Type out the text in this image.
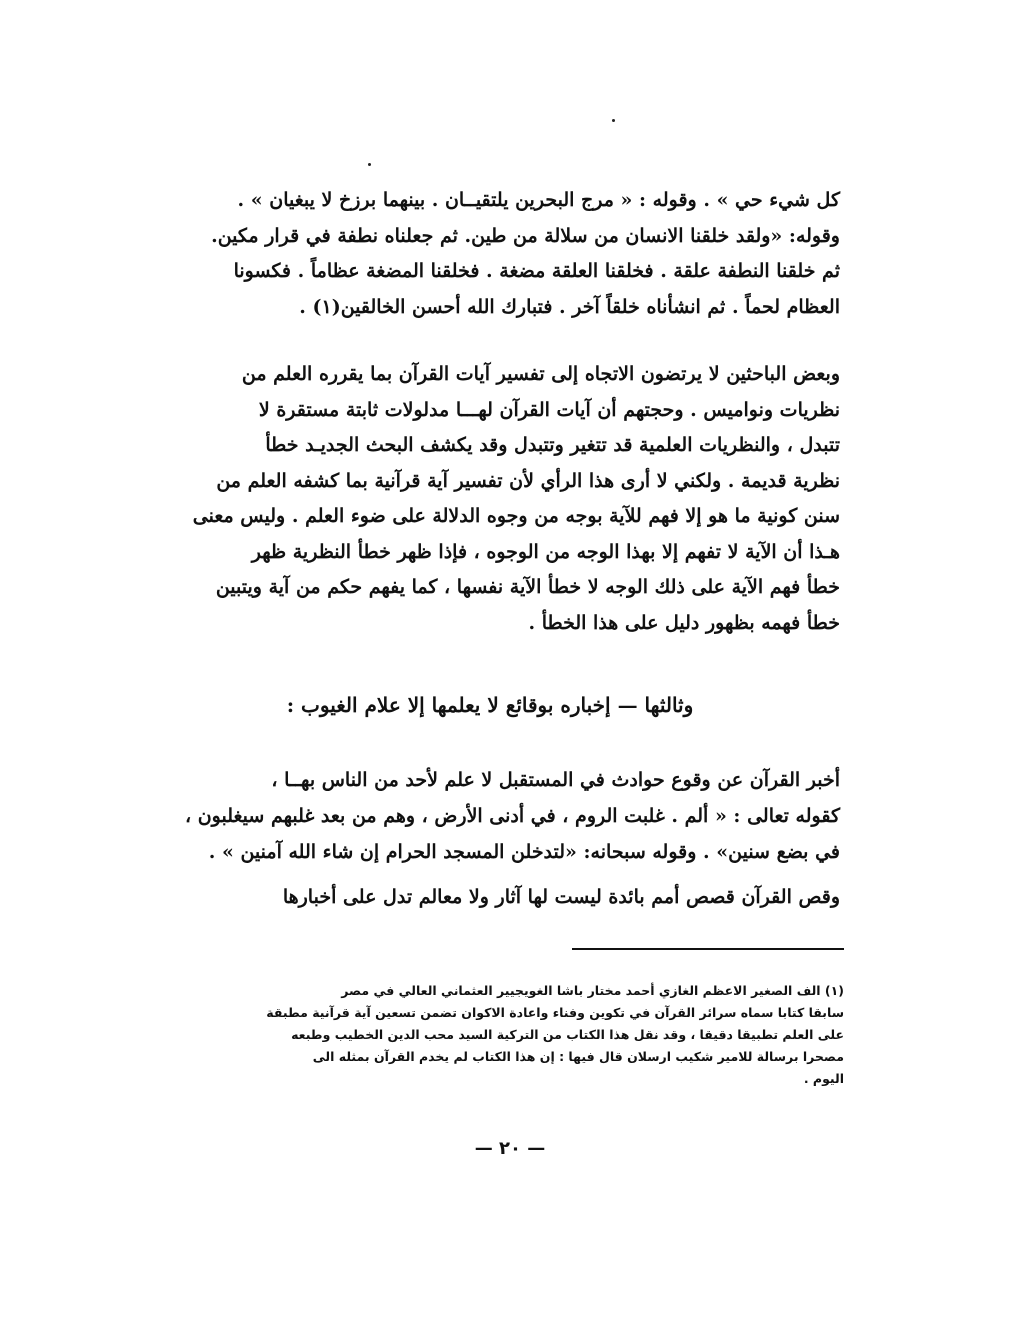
كل شيء حي » . وقوله : « مرج البحرين يلتقيــان . بينهما برزخ لا يبغيان » .

وقوله: «ولقد خلقنا الانسان من سلالة من طين. ثم جعلناه نطفة في قرار مكين.

ثم خلقنا النطفة علقة . فخلقنا العلقة مضغة . فخلقنا المضغة عظاماً . فكسونا

العظام لحماً . ثم انشأناه خلقاً آخر . فتبارك الله أحسن الخالقين(١) .

وبعض الباحثين لا يرتضون الاتجاه إلى تفسير آيات القرآن بما يقرره العلم من

نظريات ونواميس . وحجتهم أن آيات القرآن لهـــا مدلولات ثابتة مستقرة لا

تتبدل ، والنظريات العلمية قد تتغير وتتبدل وقد يكشف البحث الجديـد خطأ

نظرية قديمة . ولكني لا أرى هذا الرأي لأن تفسير آية قرآنية بما كشفه العلم من

سنن كونية ما هو إلا فهم للآية بوجه من وجوه الدلالة على ضوء العلم . وليس معنى

هـذا أن الآية لا تفهم إلا بهذا الوجه من الوجوه ، فإذا ظهر خطأ النظرية ظهر

خطأ فهم الآية على ذلك الوجه لا خطأ الآية نفسها ، كما يفهم حكم من آية ويتبين

خطأ فهمه بظهور دليل على هذا الخطأ .

وثالثها — إخباره بوقائع لا يعلمها إلا علام الغيوب :

أخبر القرآن عن وقوع حوادث في المستقبل لا علم لأحد من الناس بهــا ،

كقوله تعالى : « ألم . غلبت الروم ، في أدنى الأرض ، وهم من بعد غلبهم سيغلبون ،

في بضع سنين» . وقوله سبحانه: «لتدخلن المسجد الحرام إن شاء الله آمنين » .

وقص القرآن قصص أمم بائدة ليست لها آثار ولا معالم تدل على أخبارها

(١) الف الصغير الاعظم الغازي أحمد مختار باشا الغويجيير العثماني العالي في مصر

سابقا كتابا سماه سرائر القرآن في تكوين وفناء واعادة الاكوان تضمن تسعين آية قرآنية مطبقة

على العلم تطبيقا دقيقا ، وقد نقل هذا الكتاب من التركية السيد محب الدين الخطيب وطبعه

مصحرا برسالة للامير شكيب ارسلان قال فيها : إن هذا الكتاب لم يخدم القرآن بمثله الى

اليوم .

— ٢٠ —
